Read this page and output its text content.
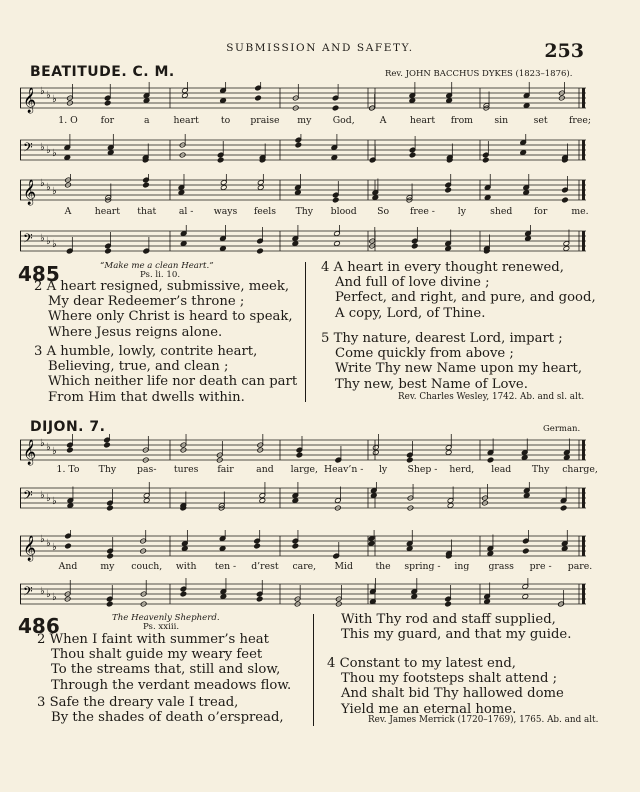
SUBMISSION AND SAFETY.	253
BEATITUDE. C. M.	Rev. JOHN BACCHUS DYKES (1823–1876).
𝄞 ♭ ♭ ♭
1. O for	a	heart to praise my God,	A	heart from sin	set free;
𝄢 ♭ ♭ ♭
𝄞 ♭ ♭ ♭
A	heart that al - ways feels Thy blood So free - ly	shed for	me.
𝄢 ♭ ♭ ♭
485	“Make me a clean Heart.”
Ps. li. 10.
2 A heart resigned, submissive, meek,
My dear Redeemer’s throne ;
Where only Christ is heard to speak,
Where Jesus reigns alone.
3 A humble, lowly, contrite heart,
Believing, true, and clean ;
Which neither life nor death can part
From Him that dwells within.
4 A heart in every thought renewed,
And full of love divine ;
Perfect, and right, and pure, and good,
A copy, Lord, of Thine.
5 Thy nature, dearest Lord, impart ;
Come quickly from above ;
Write Thy new Name upon my heart,
Thy new, best Name of Love.
Rev. Charles Wesley, 1742. Ab. and sl. alt.
DIJON. 7.	German.
𝄞 ♭ ♭ ♭
1. To Thy pas- tures fair and large, Heav’n - ly Shep - herd, lead Thy charge,
𝄢 ♭ ♭ ♭
𝄞 ♭ ♭ ♭
And my couch, with ten - d’rest care, Mid the spring - ing grass pre - pare.
𝄢 ♭ ♭ ♭
486	The Heavenly Shepherd.
Ps. xxiii.
2 When I faint with summer’s heat
Thou shalt guide my weary feet
To the streams that, still and slow,
Through the verdant meadows flow.
3 Safe the dreary vale I tread,
By the shades of death o’erspread,
With Thy rod and staff supplied,
This my guard, and that my guide.
4 Constant to my latest end,
Thou my footsteps shalt attend ;
And shalt bid Thy hallowed dome
Yield me an eternal home.
Rev. James Merrick (1720–1769), 1765. Ab. and alt.
